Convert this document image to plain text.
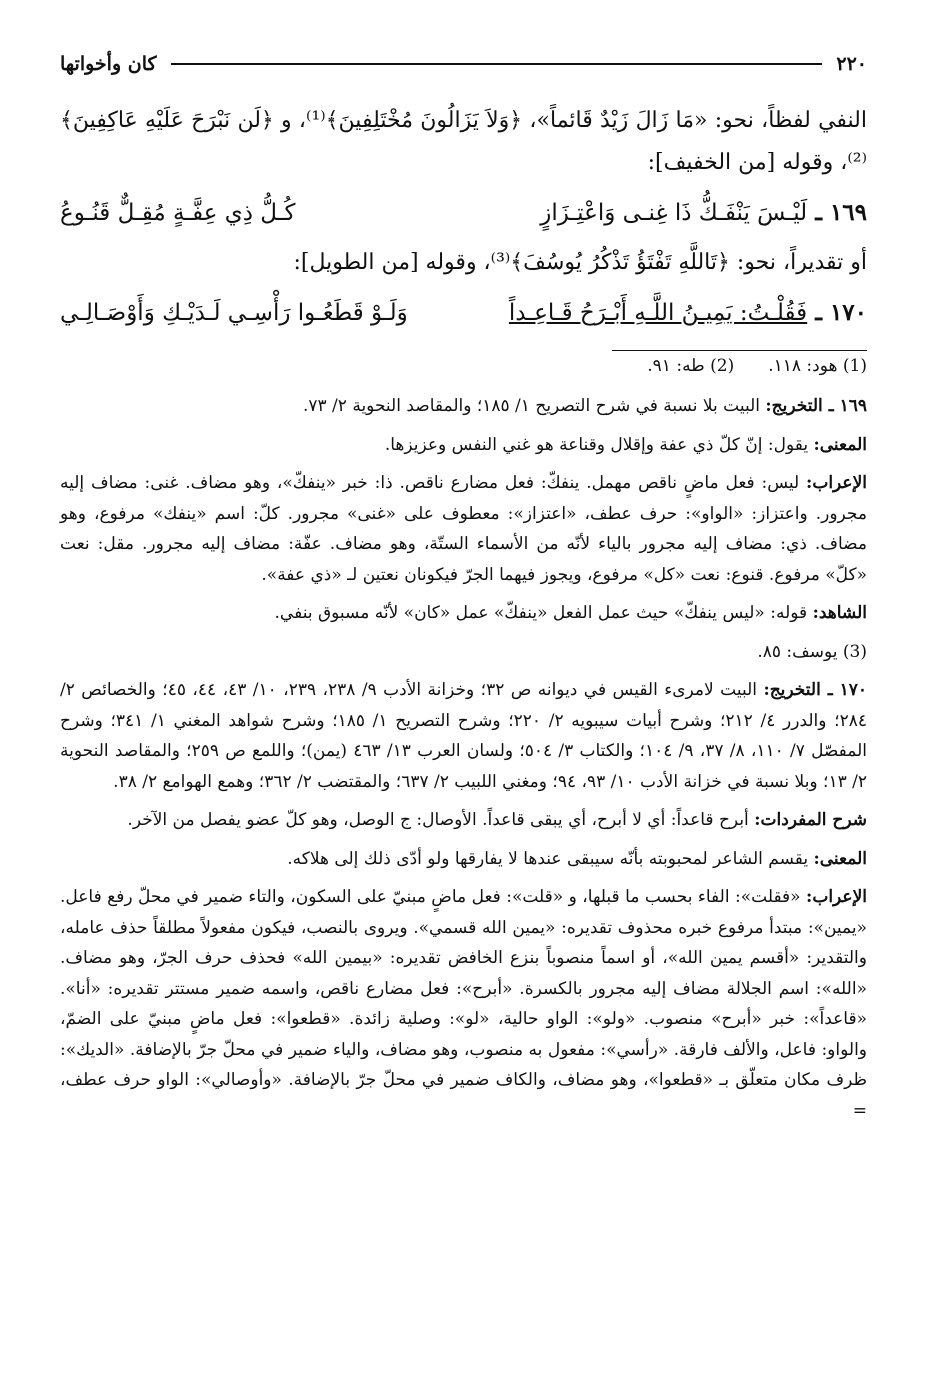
٢٢٠
كان وأخواتها

النفي لفظاً، نحو: «مَا زَالَ زَيْدٌ قَائماً»، ﴿وَلاَ يَزَالُونَ مُخْتَلِفِينَ﴾⁽¹⁾، و ﴿لَن نَبْرَحَ عَلَيْهِ عَاكِفِينَ﴾⁽²⁾، وقوله [من الخفيف]:

١٦٩ ـ
لَيْـسَ يَنْفَـكُّ ذَا غِنـى وَاعْتِـزَازٍ
كُـلُّ ذِي عِفَّـةٍ مُقِـلٌّ قَنُـوعُ

أو تقديراً، نحو: ﴿تَاللَّهِ تَفْتَؤُ تَذْكُرُ يُوسُفَ﴾⁽³⁾، وقوله [من الطويل]:

١٧٠ ـ
فَقُلْـتُ: يَمِيـنُ اللَّـهِ أَبْـرَحُ قَـاعِـداً
وَلَـوْ قَطَعُـوا رَأْسِـي لَـدَيْـكِ وَأَوْصَـالِـي
(1) هود: ١١٨.(2) طه: ٩١.

١٦٩ ـ التخريج: البيت بلا نسبة في شرح التصريح ١/ ١٨٥؛ والمقاصد النحوية ٢/ ٧٣.

المعنى: يقول: إنّ كلّ ذي عفة وإقلال وقناعة هو غني النفس وعزيزها.

الإعراب: ليس: فعل ماضٍ ناقص مهمل. ينفكّ: فعل مضارع ناقص. ذا: خبر «ينفكّ»، وهو مضاف. غنى: مضاف إليه مجرور. واعتزاز: «الواو»: حرف عطف، «اعتزاز»: معطوف على «غنى» مجرور. كلّ: اسم «ينفك» مرفوع، وهو مضاف. ذي: مضاف إليه مجرور بالياء لأنّه من الأسماء الستّة، وهو مضاف. عفّة: مضاف إليه مجرور. مقل: نعت «كلّ» مرفوع. قنوع: نعت «كل» مرفوع، ويجوز فيهما الجرّ فيكونان نعتين لـ «ذي عفة».

الشاهد: قوله: «ليس ينفكّ» حيث عمل الفعل «ينفكّ» عمل «كان» لأنّه مسبوق بنفي.

(3) يوسف: ٨٥.

١٧٠ ـ التخريج: البيت لامرىء القيس في ديوانه ص ٣٢؛ وخزانة الأدب ٩/ ٢٣٨، ٢٣٩، ١٠/ ٤٣، ٤٤، ٤٥؛ والخصائص ٢/ ٢٨٤؛ والدرر ٤/ ٢١٢؛ وشرح أبيات سيبويه ٢/ ٢٢٠؛ وشرح التصريح ١/ ١٨٥؛ وشرح شواهد المغني ١/ ٣٤١؛ وشرح المفصّل ٧/ ١١٠، ٨/ ٣٧، ٩/ ١٠٤؛ والكتاب ٣/ ٥٠٤؛ ولسان العرب ١٣/ ٤٦٣ (يمن)؛ واللمع ص ٢٥٩؛ والمقاصد النحوية ٢/ ١٣؛ وبلا نسبة في خزانة الأدب ١٠/ ٩٣، ٩٤؛ ومغني اللبيب ٢/ ٦٣٧؛ والمقتضب ٢/ ٣٦٢؛ وهمع الهوامع ٢/ ٣٨.

شرح المفردات: أبرح قاعداً: أي لا أبرح، أي يبقى قاعداً. الأوصال: ج الوصل، وهو كلّ عضو يفصل من الآخر.

المعنى: يقسم الشاعر لمحبوبته بأنّه سيبقى عندها لا يفارقها ولو أدّى ذلك إلى هلاكه.

الإعراب: «فقلت»: الفاء بحسب ما قبلها، و «قلت»: فعل ماضٍ مبنيّ على السكون، والتاء ضمير في محلّ رفع فاعل. «يمين»: مبتدأ مرفوع خبره محذوف تقديره: «يمين الله قسمي». ويروى بالنصب، فيكون مفعولاً مطلقاً حذف عامله، والتقدير: «أقسم يمين الله»، أو اسماً منصوباً بنزع الخافض تقديره: «بيمين الله» فحذف حرف الجرّ، وهو مضاف. «الله»: اسم الجلالة مضاف إليه مجرور بالكسرة. «أبرح»: فعل مضارع ناقص، واسمه ضمير مستتر تقديره: «أنا». «قاعداً»: خبر «أبرح» منصوب. «ولو»: الواو حالية، «لو»: وصلية زائدة. «قطعوا»: فعل ماضٍ مبنيّ على الضمّ، والواو: فاعل، والألف فارقة. «رأسي»: مفعول به منصوب، وهو مضاف، والياء ضمير في محلّ جرّ بالإضافة. «الديك»: ظرف مكان متعلّق بـ «قطعوا»، وهو مضاف، والكاف ضمير في محلّ جرّ بالإضافة. «وأوصالي»: الواو حرف عطف، =
